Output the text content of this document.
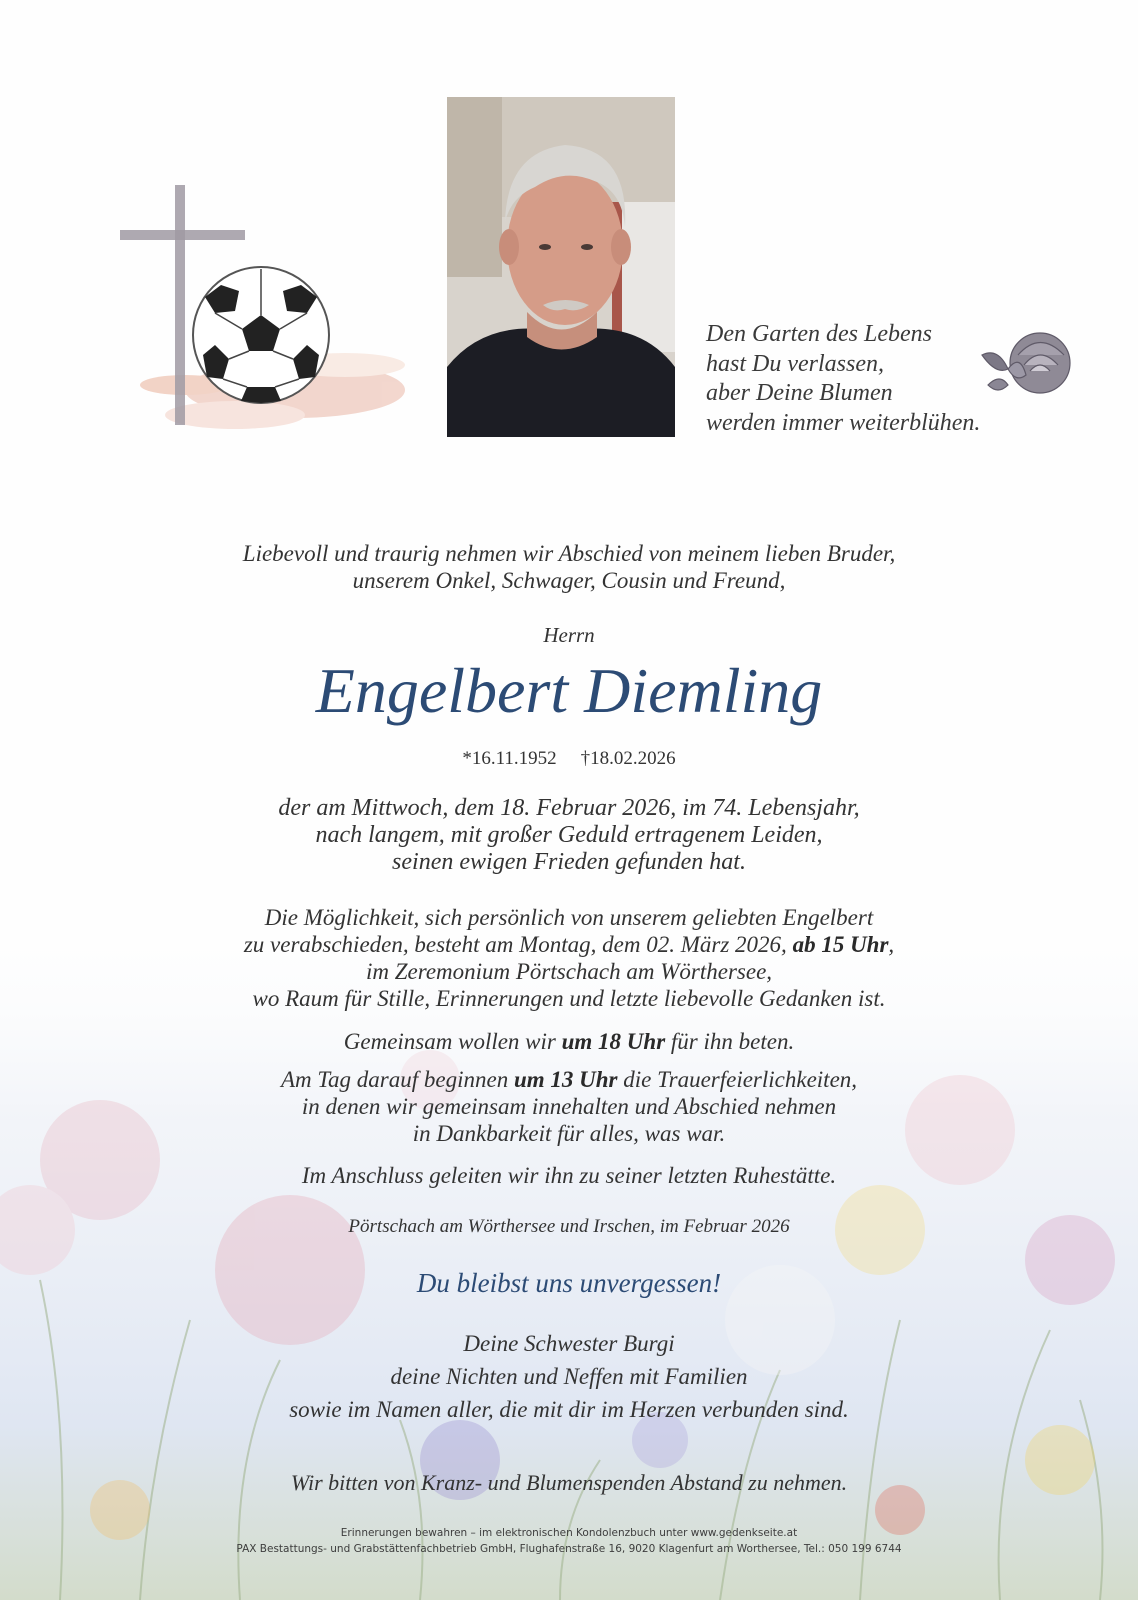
Den Garten des Lebens
hast Du verlassen,
aber Deine Blumen
werden immer weiterblühen.
Liebevoll und traurig nehmen wir Abschied von meinem lieben Bruder,
unserem Onkel, Schwager, Cousin und Freund,
Herrn
Engelbert Diemling
*16.11.1952 †18.02.2026
der am Mittwoch, dem 18. Februar 2026, im 74. Lebensjahr,
nach langem, mit großer Geduld ertragenem Leiden,
seinen ewigen Frieden gefunden hat.
Die Möglichkeit, sich persönlich von unserem geliebten Engelbert
zu verabschieden, besteht am Montag, dem 02. März 2026, ab 15 Uhr,
im Zeremonium Pörtschach am Wörthersee,
wo Raum für Stille, Erinnerungen und letzte liebevolle Gedanken ist.
Gemeinsam wollen wir um 18 Uhr für ihn beten.
Am Tag darauf beginnen um 13 Uhr die Trauerfeierlichkeiten,
in denen wir gemeinsam innehalten und Abschied nehmen
in Dankbarkeit für alles, was war.
Im Anschluss geleiten wir ihn zu seiner letzten Ruhestätte.
Pörtschach am Wörthersee und Irschen, im Februar 2026
Du bleibst uns unvergessen!
Deine Schwester Burgi
deine Nichten und Neffen mit Familien
sowie im Namen aller, die mit dir im Herzen verbunden sind.
Wir bitten von Kranz- und Blumenspenden Abstand zu nehmen.
Erinnerungen bewahren – im elektronischen Kondolenzbuch unter www.gedenkseite.at
PAX Bestattungs- und Grabstättenfachbetrieb GmbH, Flughafenstraße 16, 9020 Klagenfurt am Worthersee, Tel.: 050 199 6744
